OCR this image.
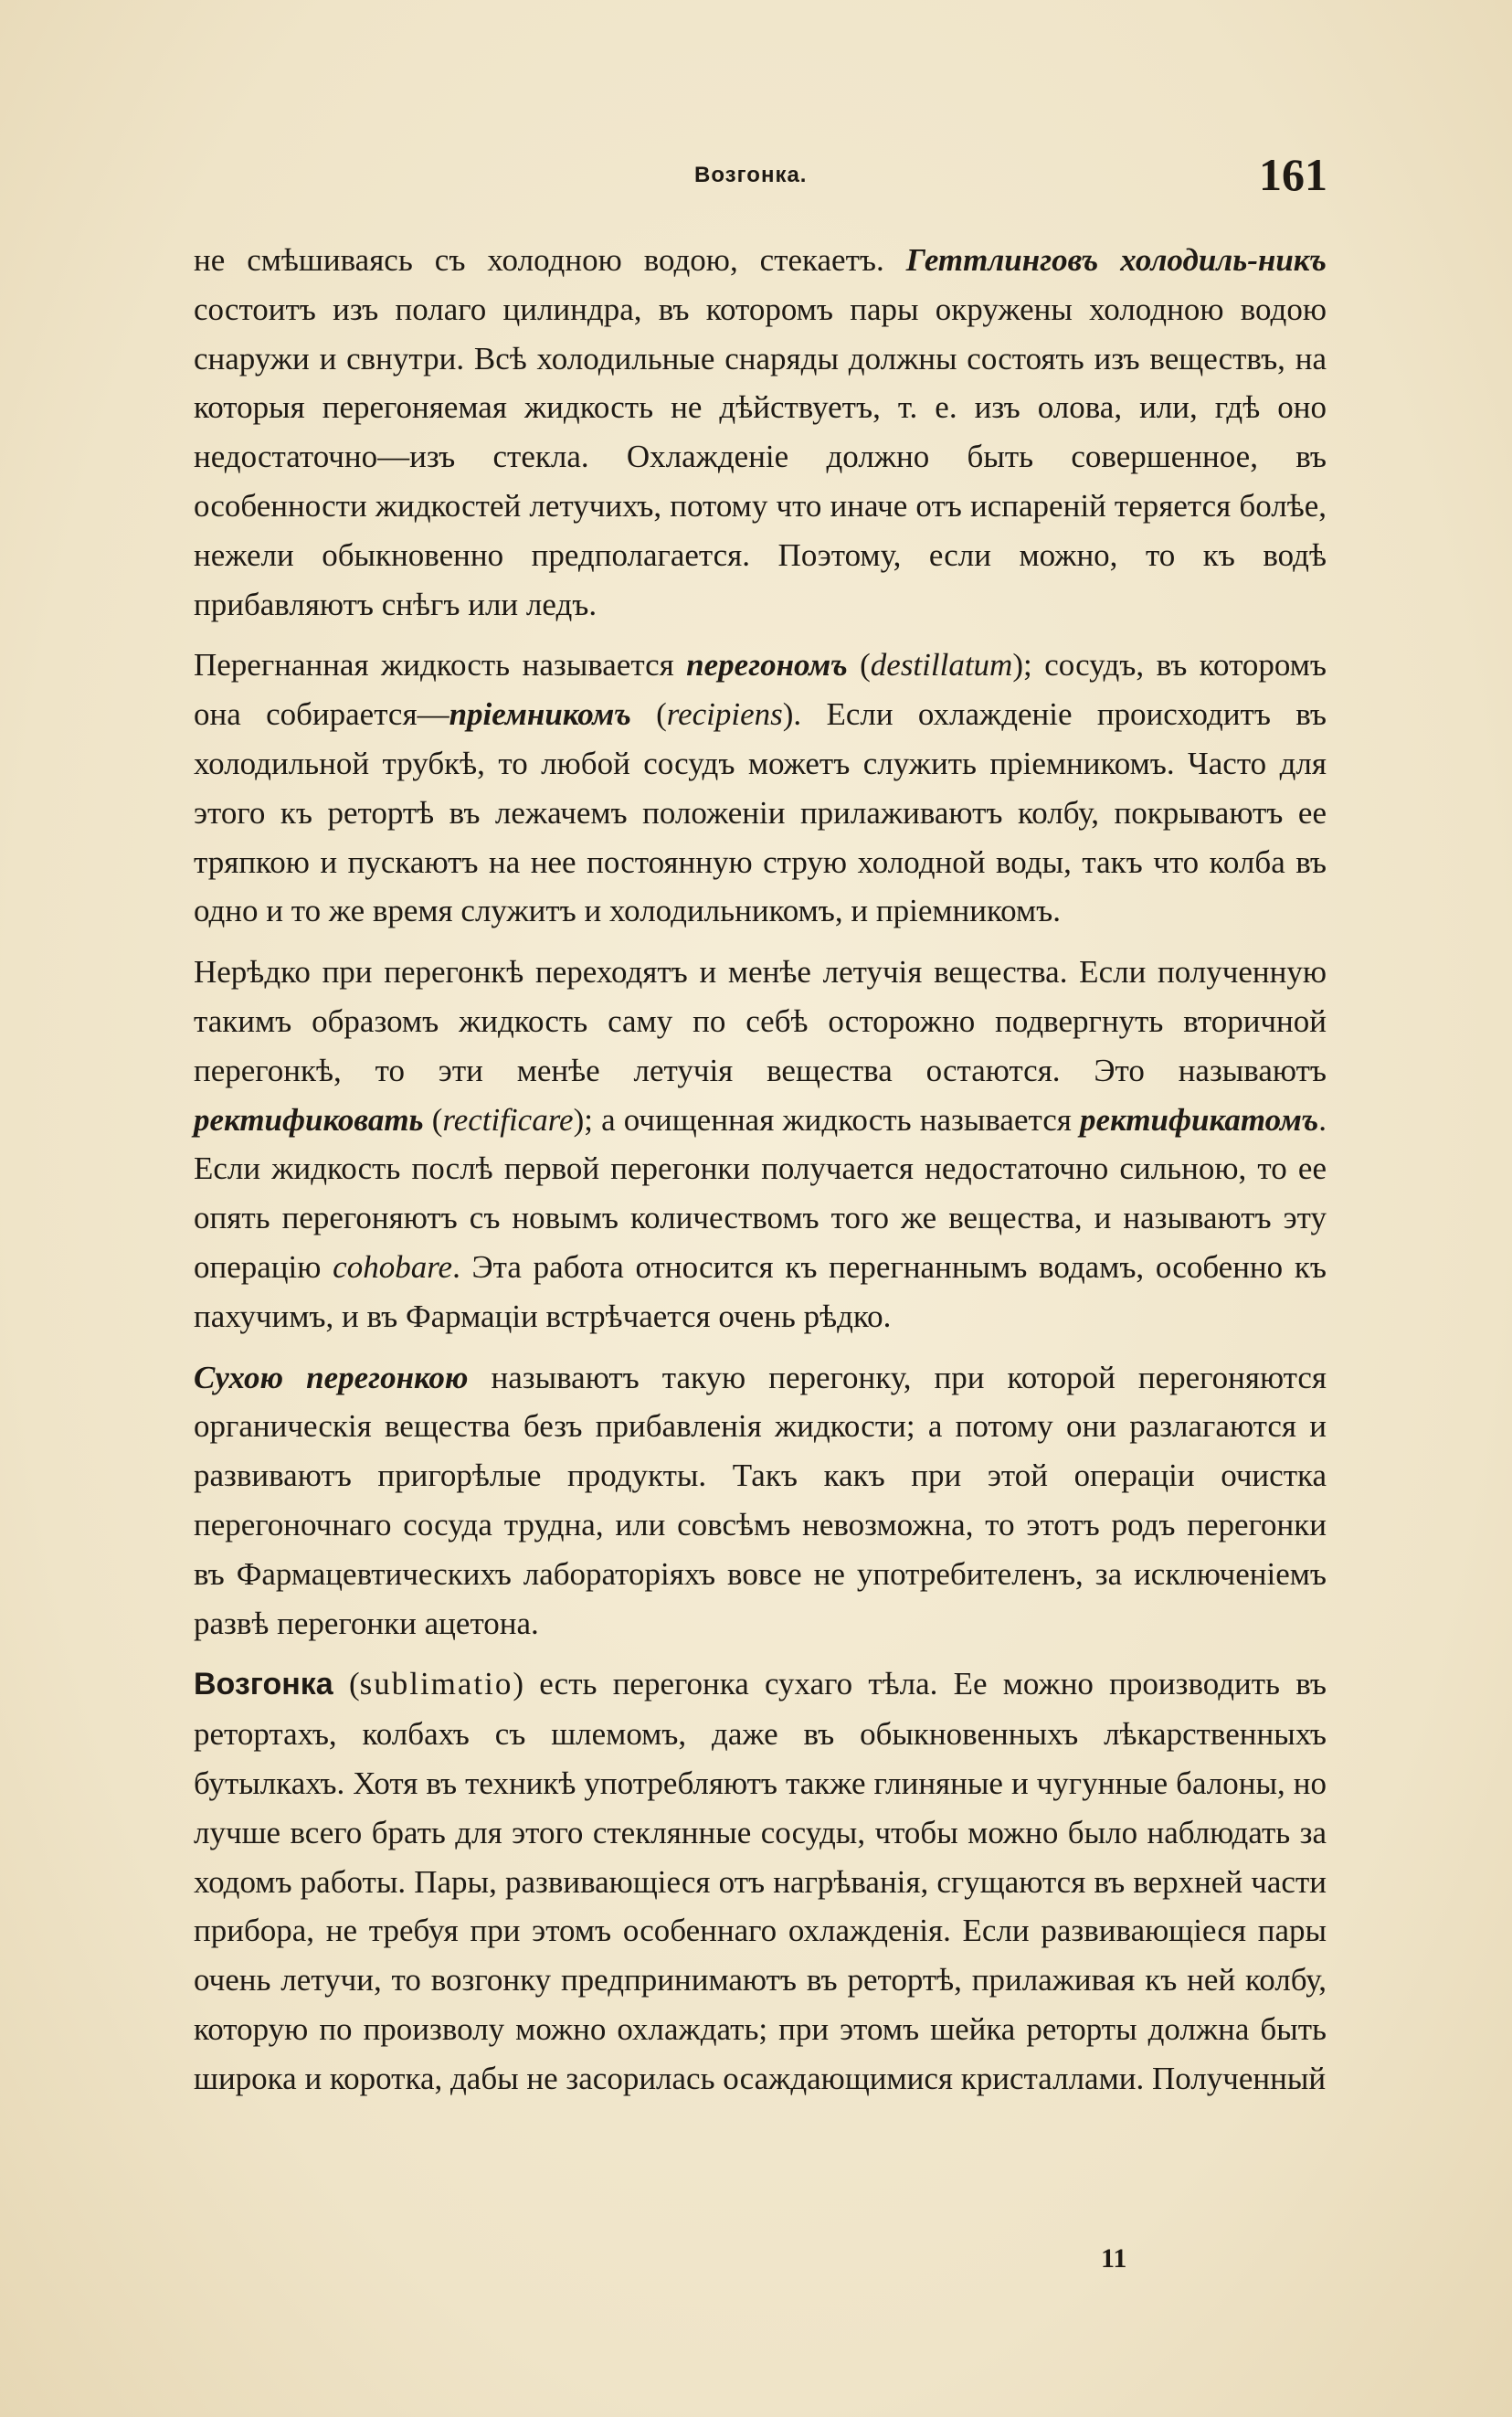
Возгонка.	161

не смѣшиваясь съ холодною водою, стекаетъ. Геттлинговъ холодиль-никъ состоитъ изъ полаго цилиндра, въ которомъ пары окружены холодною водою снаружи и свнутри. Всѣ холодильные снаряды должны состоять изъ веществъ, на которыя перегоняемая жидкость не дѣйствуетъ, т. е. изъ олова, или, гдѣ оно недостаточно—изъ стекла. Охлажденіе должно быть совершенное, въ особенности жидкостей летучихъ, потому что иначе отъ испареній теряется болѣе, нежели обыкновенно предполагается. Поэтому, если можно, то къ водѣ прибавляютъ снѣгъ или ледъ.

Перегнанная жидкость называется перегономъ (destillatum); сосудъ, въ которомъ она собирается—пріемникомъ (recipiens). Если охлажденіе происходитъ въ холодильной трубкѣ, то любой сосудъ можетъ служить пріемникомъ. Часто для этого къ ретортѣ въ лежачемъ положеніи прилаживаютъ колбу, покрываютъ ее тряпкою и пускаютъ на нее постоянную струю холодной воды, такъ что колба въ одно и то же время служитъ и холодильникомъ, и пріемникомъ.

Нерѣдко при перегонкѣ переходятъ и менѣе летучія вещества. Если полученную такимъ образомъ жидкость саму по себѣ осторожно подвергнуть вторичной перегонкѣ, то эти менѣе летучія вещества остаются. Это называютъ ректификовать (rectificare); а очищенная жидкость называется ректификатомъ. Если жидкость послѣ первой перегонки получается недостаточно сильною, то ее опять перегоняютъ съ новымъ количествомъ того же вещества, и называютъ эту операцію cohobare. Эта работа относится къ перегнаннымъ водамъ, особенно къ пахучимъ, и въ Фармаціи встрѣчается очень рѣдко.

Сухою перегонкою называютъ такую перегонку, при которой перегоняются органическія вещества безъ прибавленія жидкости; а потому они разлагаются и развиваютъ пригорѣлые продукты. Такъ какъ при этой операціи очистка перегоночнаго сосуда трудна, или совсѣмъ невозможна, то этотъ родъ перегонки въ Фармацевтическихъ лабораторіяхъ вовсе не употребителенъ, за исключеніемъ развѣ перегонки ацетона.

Возгонка (sublimatio) есть перегонка сухаго тѣла. Ее можно производить въ ретортахъ, колбахъ съ шлемомъ, даже въ обыкновенныхъ лѣкарственныхъ бутылкахъ. Хотя въ техникѣ употребляютъ также глиняные и чугунные балоны, но лучше всего брать для этого стеклянные сосуды, чтобы можно было наблюдать за ходомъ работы. Пары, развивающіеся отъ нагрѣванія, сгущаются въ верхней части прибора, не требуя при этомъ особеннаго охлажденія. Если развивающіеся пары очень летучи, то возгонку предпринимаютъ въ ретортѣ, прилаживая къ ней колбу, которую по произволу можно охлаждать; при этомъ шейка реторты должна быть широка и коротка, дабы не засорилась осаждающимися кристаллами. Полученный

11
